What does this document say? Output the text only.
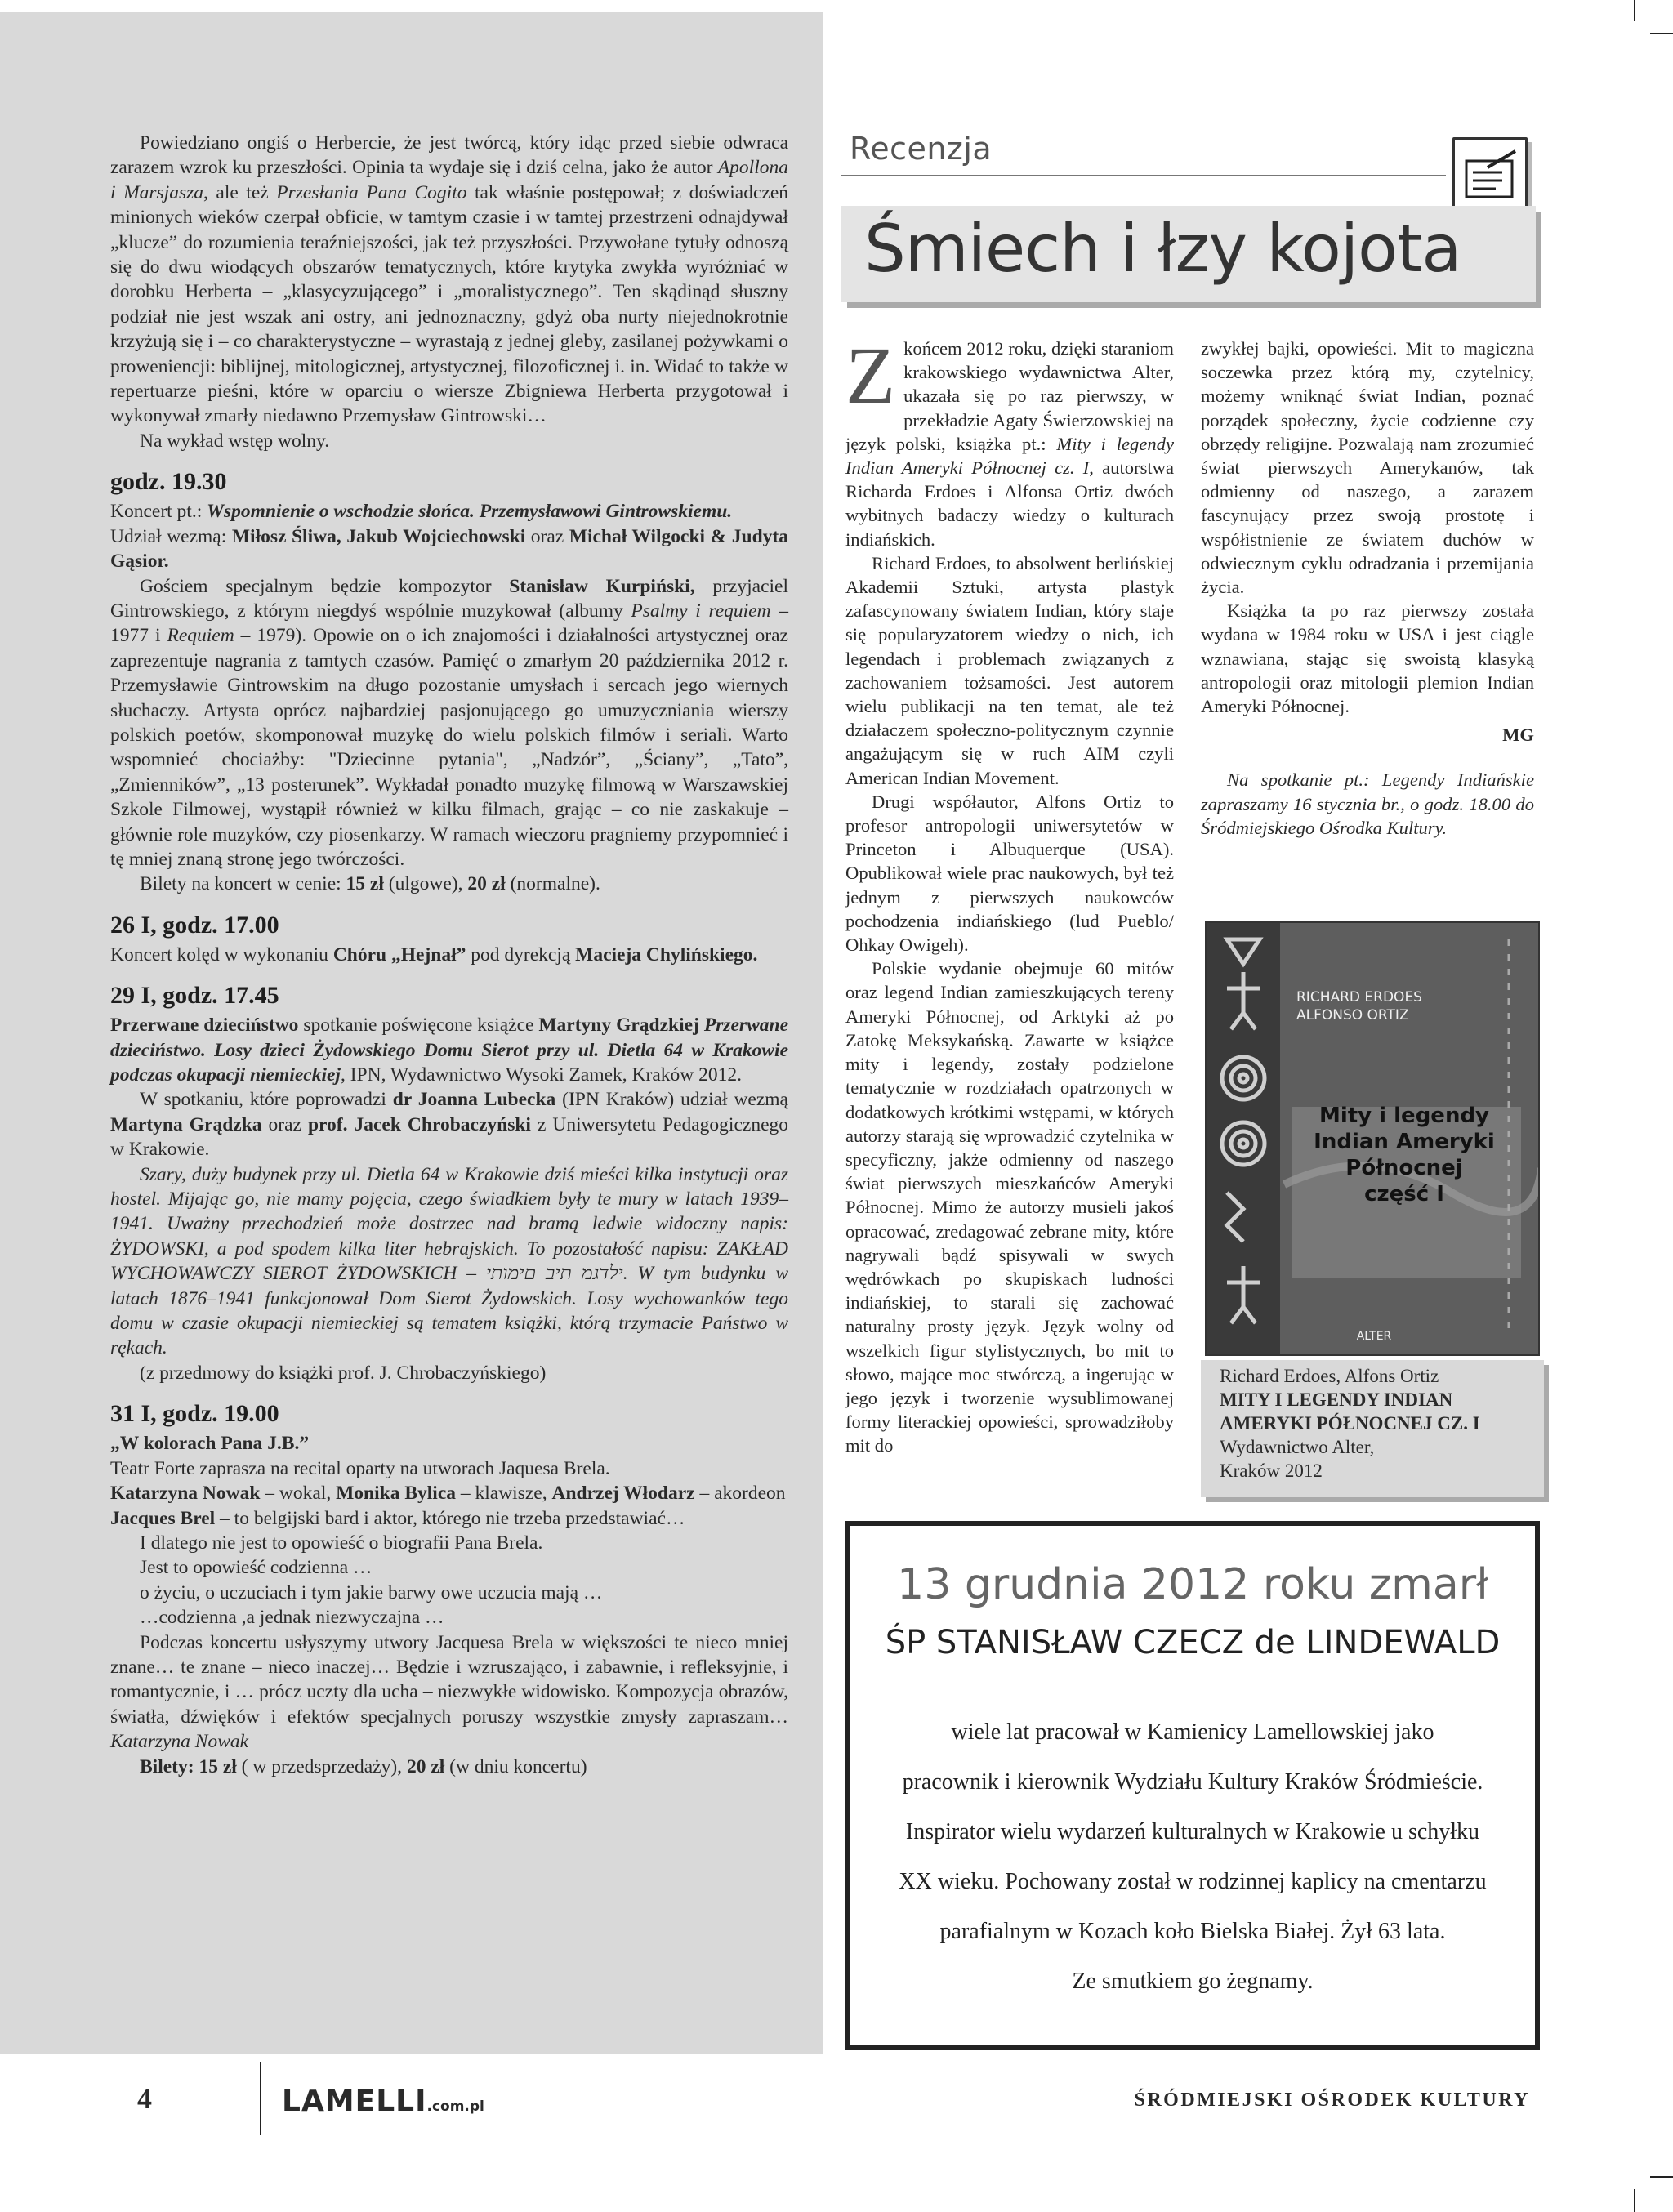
Powiedziano ongiś o Herbercie, że jest twórcą, który idąc przed siebie odwraca zarazem wzrok ku przeszłości. Opinia ta wydaje się i dziś celna, jako że autor Apollona i Marsjasza, ale też Przesłania Pana Cogito tak właśnie postępował; z doświadczeń minionych wieków czerpał obficie, w tamtym czasie i w tamtej przestrzeni odnajdywał „klucze” do rozumienia teraźniejszości, jak też przyszłości. Przywołane tytuły odnoszą się do dwu wiodących obszarów tematycznych, które krytyka zwykła wyróżniać w dorobku Herberta – „klasycyzującego” i „moralistycznego”. Ten skądinąd słuszny podział nie jest wszak ani ostry, ani jednoznaczny, gdyż oba nurty niejednokrotnie krzyżują się i – co charakterystyczne – wyrastają z jednej gleby, zasilanej pożywkami o proweniencji: biblijnej, mitologicznej, artystycznej, filozoficznej i. in. Widać to także w repertuarze pieśni, które w oparciu o wiersze Zbigniewa Herberta przygotował i wykonywał zmarły niedawno Przemysław Gintrowski…

Na wykład wstęp wolny.

godz. 19.30

Koncert pt.: Wspomnienie o wschodzie słońca. Przemysławowi Gintrowskiemu.

Udział wezmą: Miłosz Śliwa, Jakub Wojciechowski oraz Michał Wilgocki & Judyta Gąsior.

Gościem specjalnym będzie kompozytor Stanisław Kurpiński, przyjaciel Gintrowskiego, z którym niegdyś wspólnie muzykował (albumy Psalmy i requiem – 1977 i Requiem – 1979). Opowie on o ich znajomości i działalności artystycznej oraz zaprezentuje nagrania z tamtych czasów. Pamięć o zmarłym 20 października 2012 r. Przemysławie Gintrowskim na długo pozostanie umysłach i sercach jego wiernych słuchaczy. Artysta oprócz najbardziej pasjonującego go umuzyczniania wierszy polskich poetów, skomponował muzykę do wielu polskich filmów i seriali. Warto wspomnieć chociażby: "Dziecinne pytania", „Nadzór”, „Ściany”, „Tato”, „Zmienników”, „13 posterunek”. Wykładał ponadto muzykę filmową w Warszawskiej Szkole Filmowej, wystąpił również w kilku filmach, grając – co nie zaskakuje – głównie role muzyków, czy piosenkarzy. W ramach wieczoru pragniemy przypomnieć i tę mniej znaną stronę jego twórczości.

Bilety na koncert w cenie: 15 zł (ulgowe), 20 zł (normalne).

26 I, godz. 17.00

Koncert kolęd w wykonaniu Chóru „Hejnał” pod dyrekcją Macieja Chylińskiego.

29 I, godz. 17.45

Przerwane dzieciństwo spotkanie poświęcone książce Martyny Grądzkiej Przerwane dzieciństwo. Losy dzieci Żydowskiego Domu Sierot przy ul. Dietla 64 w Krakowie podczas okupacji niemieckiej, IPN, Wydawnictwo Wysoki Zamek, Kraków 2012.

W spotkaniu, które poprowadzi dr Joanna Lubecka (IPN Kraków) udział wezmą Martyna Grądzka oraz prof. Jacek Chrobaczyński z Uniwersytetu Pedagogicznego w Krakowie.

Szary, duży budynek przy ul. Dietla 64 w Krakowie dziś mieści kilka instytucji oraz hostel. Mijając go, nie mamy pojęcia, czego świadkiem były te mury w latach 1939–1941. Uważny przechodzień może dostrzec nad bramą ledwie widoczny napis: ŻYDOWSKI, a pod spodem kilka liter hebrajskich. To pozostałość napisu: ZAKŁAD WYCHOWAWCZY SIEROT ŻYDOWSKICH – ילדגמ תיב םימותי. W tym budynku w latach 1876–1941 funkcjonował Dom Sierot Żydowskich. Losy wychowanków tego domu w czasie okupacji niemieckiej są tematem książki, którą trzymacie Państwo w rękach.

(z przedmowy do książki prof. J. Chrobaczyńskiego)

31 I, godz. 19.00

„W kolorach Pana J.B.”

Teatr Forte zaprasza na recital oparty na utworach Jaquesa Brela.

Katarzyna Nowak – wokal, Monika Bylica – klawisze, Andrzej Włodarz – akordeon

Jacques Brel – to belgijski bard i aktor, którego nie trzeba przedstawiać…

I dlatego nie jest to opowieść o biografii Pana Brela.

Jest to opowieść codzienna …

o życiu, o uczuciach i tym jakie barwy owe uczucia mają …

…codzienna ,a jednak niezwyczajna …

Podczas koncertu usłyszymy utwory Jacquesa Brela w większości te nieco mniej znane… te znane – nieco inaczej… Będzie i wzruszająco, i zabawnie, i refleksyjnie, i romantycznie, i … prócz uczty dla ucha – niezwykłe widowisko. Kompozycja obrazów, światła, dźwięków i efektów specjalnych poruszy wszystkie zmysły zapraszam… Katarzyna Nowak

Bilety: 15 zł ( w przedsprzedaży), 20 zł (w dniu koncertu)

Recenzja
Śmiech i łzy kojota

Zkońcem 2012 roku, dzięki staraniom krakowskiego wydawnictwa Alter, ukazała się po raz pierwszy, w przekładzie Agaty Świerzowskiej na język polski, książka pt.: Mity i legendy Indian Ameryki Północnej cz. I, autorstwa Richarda Erdoes i Alfonsa Ortiz dwóch wybitnych badaczy wiedzy o kulturach indiańskich.

Richard Erdoes, to absolwent berlińskiej Akademii Sztuki, artysta plastyk zafascynowany światem Indian, który staje się popularyzatorem wiedzy o nich, ich legendach i problemach związanych z zachowaniem tożsamości. Jest autorem wielu publikacji na ten temat, ale też działaczem społeczno-politycznym czynnie angażującym się w ruch AIM czyli American Indian Movement.

Drugi współautor, Alfons Ortiz to profesor antropologii uniwersytetów w Princeton i Albuquerque (USA). Opublikował wiele prac naukowych, był też jednym z pierwszych naukowców pochodzenia indiańskiego (lud Pueblo/ Ohkay Owigeh).

Polskie wydanie obejmuje 60 mitów oraz legend Indian zamieszkujących tereny Ameryki Północnej, od Arktyki aż po Zatokę Meksykańską. Zawarte w książce mity i legendy, zostały podzielone tematycznie w rozdziałach opatrzonych w dodatkowych krótkimi wstępami, w których autorzy starają się wprowadzić czytelnika w specyficzny, jakże odmienny od naszego świat pierwszych mieszkańców Ameryki Północnej. Mimo że autorzy musieli jakoś opracować, zredagować zebrane mity, które nagrywali bądź spisywali w swych wędrówkach po skupiskach ludności indiańskiej, to starali się zachować naturalny prosty język. Język wolny od wszelkich figur stylistycznych, bo mit to słowo, mające moc stwórczą, a ingerując w jego język i tworzenie wysublimowanej formy literackiej opowieści, sprowadziłoby mit do

zwykłej bajki, opowieści. Mit to magiczna soczewka przez którą my, czytelnicy, możemy wniknąć świat Indian, poznać porządek społeczny, życie codzienne czy obrzędy religijne. Pozwalają nam zrozumieć świat pierwszych Amerykanów, tak odmienny od naszego, a zarazem fascynujący przez swoją prostotę i współistnienie ze światem duchów w odwiecznym cyklu odradzania i przemijania życia.

Książka ta po raz pierwszy została wydana w 1984 roku w USA i jest ciągle wznawiana, stając się swoistą klasyką antropologii oraz mitologii plemion Indian Ameryki Północnej.

MG

Na spotkanie pt.: Legendy Indiańskie zapraszamy 16 stycznia br., o godz. 18.00 do Śródmiejskiego Ośrodka Kultury.

RICHARD ERDOES
ALFONSO ORTIZ
Mity i legendy
Indian Ameryki
Północnej
część I
ALTER
Richard Erdoes, Alfons Ortiz
MITY I LEGENDY INDIAN AMERYKI PÓŁNOCNEJ CZ. I
Wydawnictwo Alter,
Kraków 2012
13 grudnia 2012 roku zmarł
ŚP STANISŁAW CZECZ de LINDEWALD
wiele lat pracował w Kamienicy Lamellowskiej jako
pracownik i kierownik Wydziału Kultury Kraków Śródmieście.
Inspirator wielu wydarzeń kulturalnych w Krakowie u schyłku
XX wieku. Pochowany został w rodzinnej kaplicy na cmentarzu
parafialnym w Kozach koło Bielska Białej. Żył 63 lata.
Ze smutkiem go żegnamy.
4	LAMELLI.com.pl	ŚRÓDMIEJSKI OŚRODEK KULTURY
